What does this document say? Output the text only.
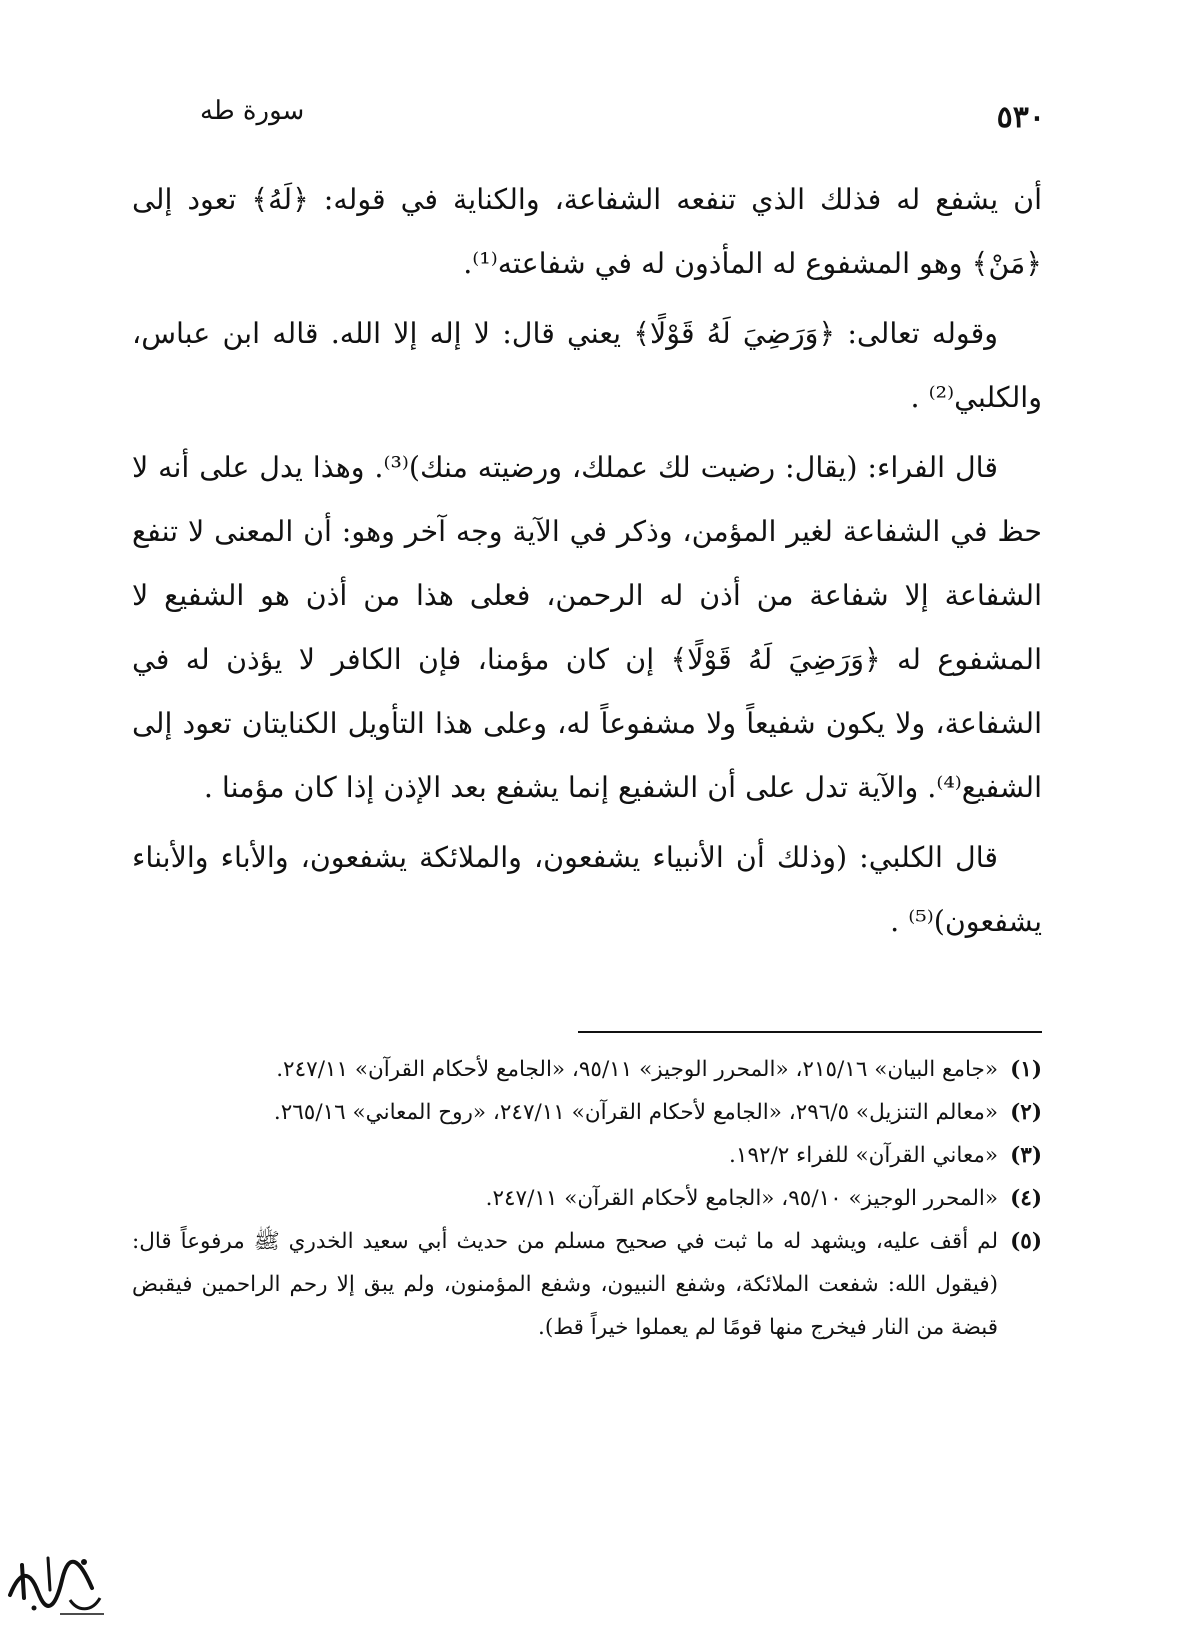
٥٣٠
سورة طه

أن يشفع له فذلك الذي تنفعه الشفاعة، والكناية في قوله: ﴿لَهُ﴾ تعود إلى ﴿مَنْ﴾ وهو المشفوع له المأذون له في شفاعته⁽¹⁾.

وقوله تعالى: ﴿وَرَضِيَ لَهُ قَوْلًا﴾ يعني قال: لا إله إلا الله. قاله ابن عباس، والكلبي⁽²⁾ .

قال الفراء: (يقال: رضيت لك عملك، ورضيته منك)⁽³⁾. وهذا يدل على أنه لا حظ في الشفاعة لغير المؤمن، وذكر في الآية وجه آخر وهو: أن المعنى لا تنفع الشفاعة إلا شفاعة من أذن له الرحمن، فعلى هذا من أذن هو الشفيع لا المشفوع له ﴿وَرَضِيَ لَهُ قَوْلًا﴾ إن كان مؤمنا، فإن الكافر لا يؤذن له في الشفاعة، ولا يكون شفيعاً ولا مشفوعاً له، وعلى هذا التأويل الكنايتان تعود إلى الشفيع⁽⁴⁾. والآية تدل على أن الشفيع إنما يشفع بعد الإذن إذا كان مؤمنا .

قال الكلبي: (وذلك أن الأنبياء يشفعون، والملائكة يشفعون، والأباء والأبناء يشفعون)⁽⁵⁾ .

(١)
«جامع البيان» ٢١٥/١٦، «المحرر الوجيز» ٩٥/١١، «الجامع لأحكام القرآن» ٢٤٧/١١.
(٢)
«معالم التنزيل» ٢٩٦/٥، «الجامع لأحكام القرآن» ٢٤٧/١١، «روح المعاني» ٢٦٥/١٦.
(٣)
«معاني القرآن» للفراء ١٩٢/٢.
(٤)
«المحرر الوجيز» ٩٥/١٠، «الجامع لأحكام القرآن» ٢٤٧/١١.
(٥)
لم أقف عليه، ويشهد له ما ثبت في صحيح مسلم من حديث أبي سعيد الخدري ﷺ مرفوعاً قال: (فيقول الله: شفعت الملائكة، وشفع النبيون، وشفع المؤمنون، ولم يبق إلا رحم الراحمين فيقبض قبضة من النار فيخرج منها قومًا لم يعملوا خيراً قط).
